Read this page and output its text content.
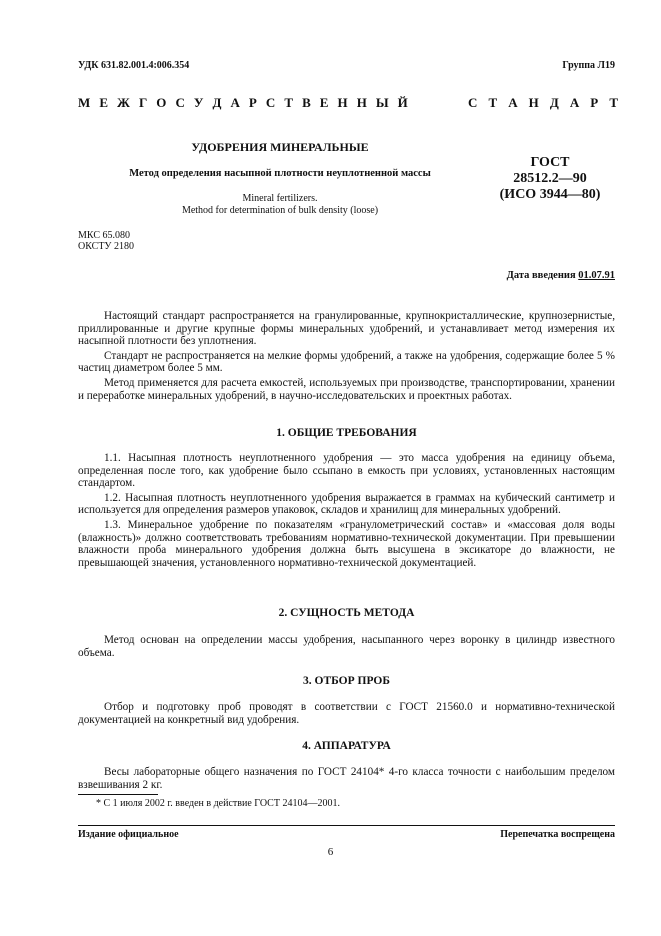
УДК 631.82.001.4:006.354	Группа Л19
М Е Ж Г О С У Д А Р С Т В Е Н Н Ы Й	С Т А Н Д А Р Т
УДОБРЕНИЯ МИНЕРАЛЬНЫЕ
Метод определения насыпной плотности неуплотненной массы
Mineral fertilizers.
Method for determination of bulk density (loose)
ГОСТ
28512.2—90
(ИСО 3944—80)
МКС 65.080
ОКСТУ 2180
Дата введения 01.07.91

Настоящий стандарт распространяется на гранулированные, крупнокристаллические, крупнозернистые, приллированные и другие крупные формы минеральных удобрений, и устанавливает метод измерения их насыпной плотности без уплотнения.

Стандарт не распространяется на мелкие формы удобрений, а также на удобрения, содержащие более 5 % частиц диаметром более 5 мм.

Метод применяется для расчета емкостей, используемых при производстве, транспортировании, хранении и переработке минеральных удобрений, в научно-исследовательских и проектных работах.

1. ОБЩИЕ ТРЕБОВАНИЯ

1.1. Насыпная плотность неуплотненного удобрения — это масса удобрения на единицу объема, определенная после того, как удобрение было ссыпано в емкость при условиях, установленных настоящим стандартом.

1.2. Насыпная плотность неуплотненного удобрения выражается в граммах на кубический сантиметр и используется для определения размеров упаковок, складов и хранилищ для минеральных удобрений.

1.3. Минеральное удобрение по показателям «гранулометрический состав» и «массовая доля воды (влажность)» должно соответствовать требованиям нормативно-технической документации. При превышении влажности проба минерального удобрения должна быть высушена в эксикаторе до влажности, не превышающей значения, установленного нормативно-технической документацией.

2. СУЩНОСТЬ МЕТОДА

Метод основан на определении массы удобрения, насыпанного через воронку в цилиндр известного объема.

3. ОТБОР ПРОБ

Отбор и подготовку проб проводят в соответствии с ГОСТ 21560.0 и нормативно-технической документацией на конкретный вид удобрения.

4. АППАРАТУРА

Весы лабораторные общего назначения по ГОСТ 24104* 4-го класса точности с наибольшим пределом взвешивания 2 кг.

* С 1 июля 2002 г. введен в действие ГОСТ 24104—2001.
Издание официальное	Перепечатка воспрещена
6
